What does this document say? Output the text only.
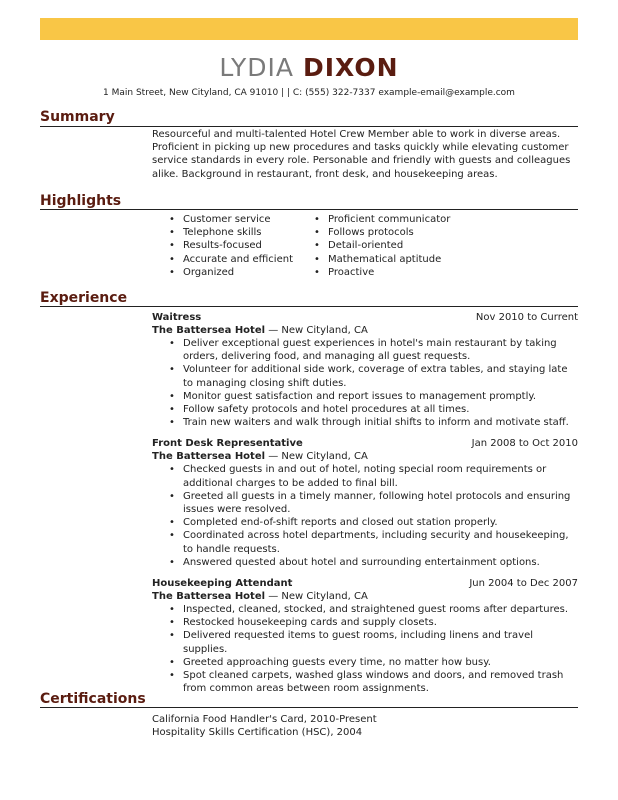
LYDIA DIXON
1 Main Street, New Cityland, CA 91010 | | C: (555) 322-7337 example-email@example.com
Summary

Resourceful and multi-talented Hotel Crew Member able to work in diverse areas. Proficient in picking up new procedures and tasks quickly while elevating customer service standards in every role. Personable and friendly with guests and colleagues alike. Background in restaurant, front desk, and housekeeping areas.

Highlights
• Customer service
• Telephone skills
• Results-focused
• Accurate and efficient
• Organized
• Proficient communicator
• Follows protocols
• Detail-oriented
• Mathematical aptitude
• Proactive
Experience
Waitress	Nov 2010 to Current
The Battersea Hotel — New Cityland, CA
• Deliver exceptional guest experiences in hotel's main restaurant by taking orders, delivering food, and managing all guest requests.
• Volunteer for additional side work, coverage of extra tables, and staying late to managing closing shift duties.
• Monitor guest satisfaction and report issues to management promptly.
• Follow safety protocols and hotel procedures at all times.
• Train new waiters and walk through initial shifts to inform and motivate staff.
Front Desk Representative	Jan 2008 to Oct 2010
The Battersea Hotel — New Cityland, CA
• Checked guests in and out of hotel, noting special room requirements or additional charges to be added to final bill.
• Greeted all guests in a timely manner, following hotel protocols and ensuring issues were resolved.
• Completed end-of-shift reports and closed out station properly.
• Coordinated across hotel departments, including security and housekeeping, to handle requests.
• Answered quested about hotel and surrounding entertainment options.
Housekeeping Attendant	Jun 2004 to Dec 2007
The Battersea Hotel — New Cityland, CA
• Inspected, cleaned, stocked, and straightened guest rooms after departures.
• Restocked housekeeping cards and supply closets.
• Delivered requested items to guest rooms, including linens and travel supplies.
• Greeted approaching guests every time, no matter how busy.
• Spot cleaned carpets, washed glass windows and doors, and removed trash from common areas between room assignments.
Certifications
California Food Handler's Card, 2010-Present
Hospitality Skills Certification (HSC), 2004
